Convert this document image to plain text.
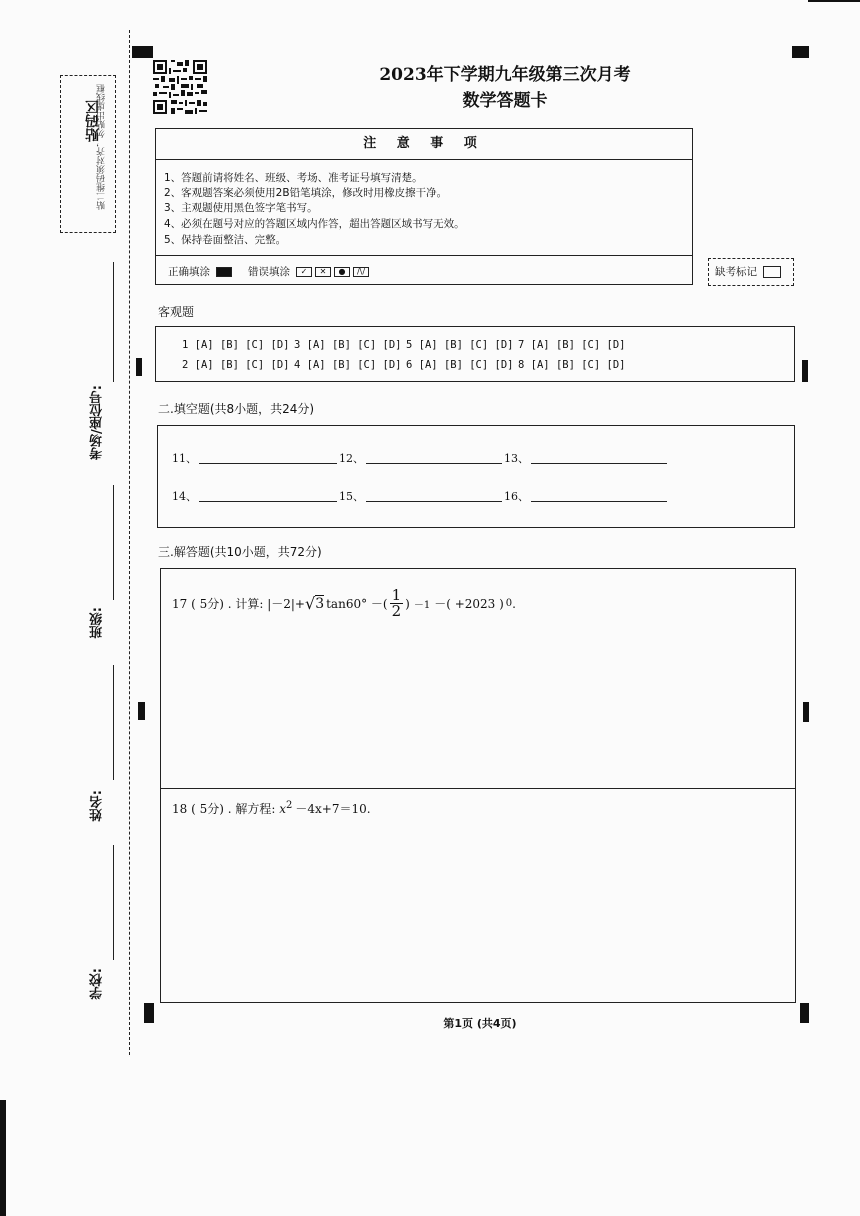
贴码区
贴二维码须对齐，勿贴出虚线框
考场/座位号:
班级:
姓名:
学校:
2023年下学期九年级第三次月考
数学答题卡
注 意 事 项
1、答题前请将姓名、班级、考场、准考证号填写清楚。
2、客观题答案必须使用2B铅笔填涂，修改时用橡皮擦干净。
3、主观题使用黑色签字笔书写。
4、必须在题号对应的答题区域内作答，超出答题区域书写无效。
5、保持卷面整洁、完整。
正确填涂	错误填涂	✓	✕	●	/\/	缺考标记
客观题
1 [A] [B] [C] [D] 3 [A] [B] [C] [D] 5 [A] [B] [C] [D] 7 [A] [B] [C] [D]
2 [A] [B] [C] [D] 4 [A] [B] [C] [D] 6 [A] [B] [C] [D] 8 [A] [B] [C] [D]
二.填空题(共8小题，共24分)
11、	12、	13、
14、	15、	16、
三.解答题(共10小题，共72分)
17 ( 5分) . 计算: |－2|+ √ 3 tan60° －( 1
2 ) －1 －( +2023 ) 0 .
18 ( 5分) . 解方程: $x^2 -4x+7=10$.
第1页 (共4页)
